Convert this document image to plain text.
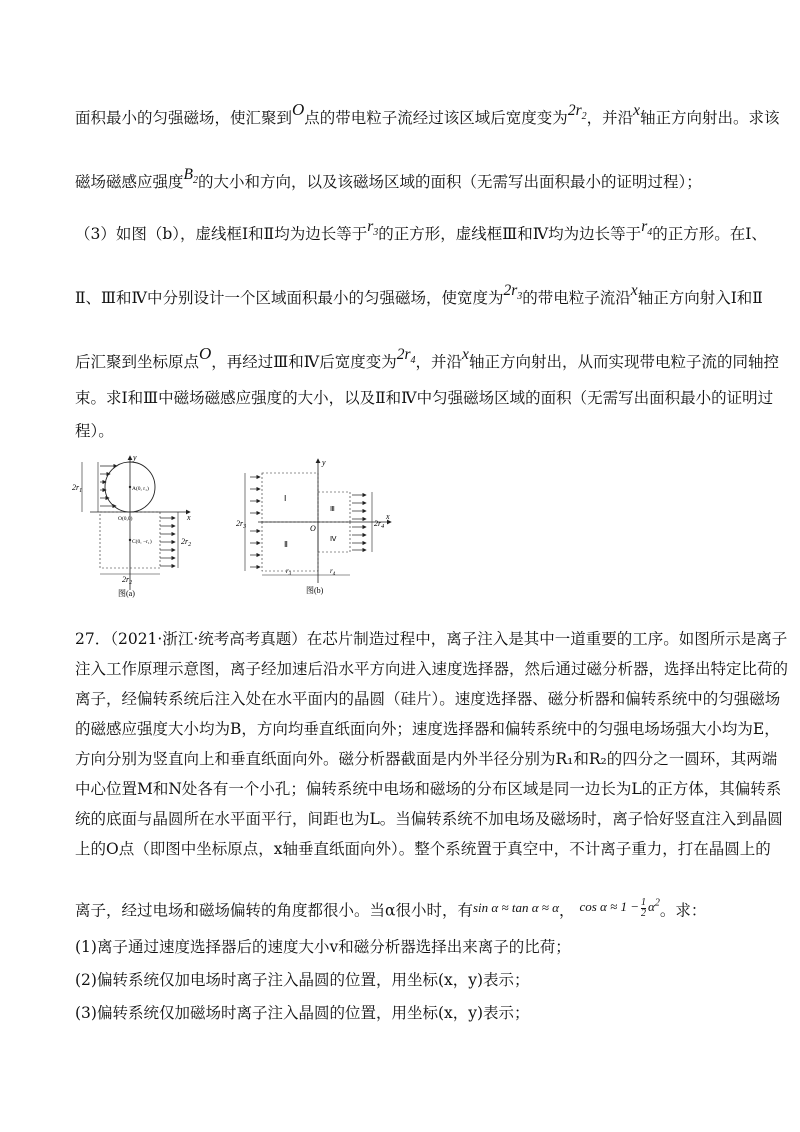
面积最小的匀强磁场，使汇聚到O点的带电粒子流经过该区域后宽度变为$2r_2$，并沿x轴正方向射出。求该
磁场磁感应强度$B_2$的大小和方向，以及该磁场区域的面积（无需写出面积最小的证明过程）；
（3）如图（b），虚线框Ⅰ和Ⅱ均为边长等于$r_3$的正方形，虚线框Ⅲ和Ⅳ均为边长等于$r_4$的正方形。在Ⅰ、
Ⅱ、Ⅲ和Ⅳ中分别设计一个区域面积最小的匀强磁场，使宽度为$2r_3$的带电粒子流沿x轴正方向射入Ⅰ和Ⅱ
后汇聚到坐标原点O，再经过Ⅲ和Ⅳ后宽度变为$2r_4$，并沿x轴正方向射出，从而实现带电粒子流的同轴控
束。求Ⅰ和Ⅲ中磁场磁感应强度的大小，以及Ⅱ和Ⅳ中匀强磁场区域的面积（无需写出面积最小的证明过
程）。
y
x
$2r_1$
$2r_2$
A(0, r₁)
O(0,0)
C(0, −r₁)
$2r_2$
图(a)
y
x
Ⅰ
Ⅱ
Ⅲ
Ⅳ
O
$2r_3$	$2r_4$
$r_3$	$r_4$
图(b)
27．（2021·浙江·统考高考真题）在芯片制造过程中，离子注入是其中一道重要的工序。如图所示是离子
注入工作原理示意图，离子经加速后沿水平方向进入速度选择器，然后通过磁分析器，选择出特定比荷的
离子，经偏转系统后注入处在水平面内的晶圆（硅片）。速度选择器、磁分析器和偏转系统中的匀强磁场
的磁感应强度大小均为B，方向均垂直纸面向外；速度选择器和偏转系统中的匀强电场场强大小均为E，
方向分别为竖直向上和垂直纸面向外。磁分析器截面是内外半径分别为R₁和R₂的四分之一圆环，其两端
中心位置M和N处各有一个小孔；偏转系统中电场和磁场的分布区域是同一边长为L的正方体，其偏转系
统的底面与晶圆所在水平面平行，间距也为L。当偏转系统不加电场及磁场时，离子恰好竖直注入到晶圆
上的O点（即图中坐标原点，x轴垂直纸面向外）。整个系统置于真空中，不计离子重力，打在晶圆上的
离子，经过电场和磁场偏转的角度都很小。当α很小时，有sin α ≈ tan α ≈ α， $^{cos \alpha \approx 1 - \frac{1}{2} \alpha^2}$。求：
(1)离子通过速度选择器后的速度大小v和磁分析器选择出来离子的比荷；
(2)偏转系统仅加电场时离子注入晶圆的位置，用坐标(x，y)表示；
(3)偏转系统仅加磁场时离子注入晶圆的位置，用坐标(x，y)表示；
